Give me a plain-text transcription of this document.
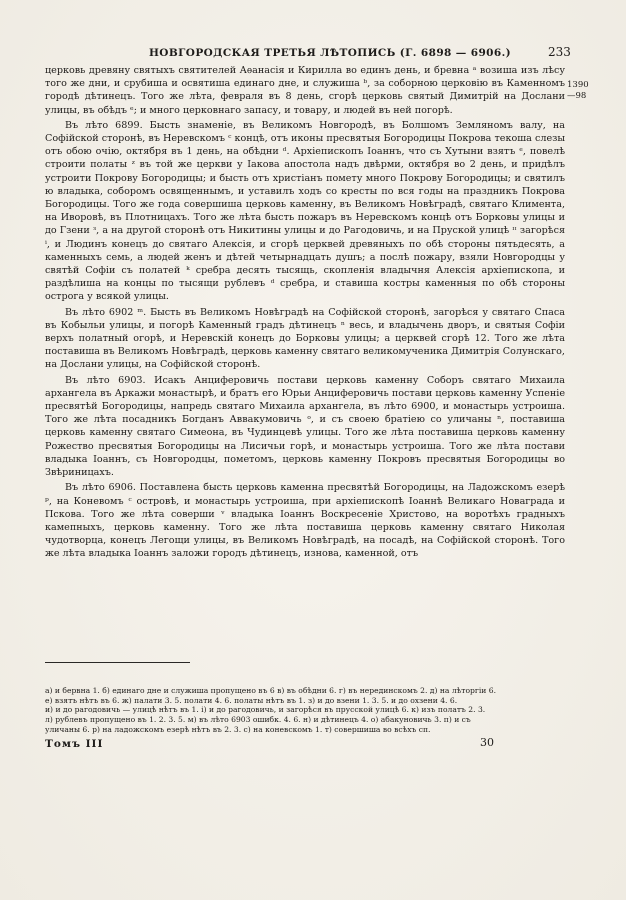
НОВГОРОДСКАЯ ТРЕТЬЯ ЛѢТОПИСЬ (Г. 6898 — 6906.)	233
1390
—98

церковь древяну святыхъ святителей Аѳанасія и Кирилла во единъ день, и бревна ᵃ возиша изъ лѣсу того же дни, и срубиша и освятиша единаго дне, и служиша ᵇ, за соборною церковію въ Каменномъ городѣ дѣтинецъ. Того же лѣта, февраля въ 8 день, сгорѣ церковь святый Димитрій на Дослани улицы, въ обѣдъ ᵉ; и многo церковнаго запасу, и товару, и людей въ ней погорѣ.

Въ лѣто 6899. Бысть знаменіе, въ Великомъ Новгородѣ, въ Болшомъ Земляномъ валу, на Софійской сторонѣ, въ Неревскомъ ᶜ концѣ, отъ иконы пресвятыя Богородицы Покрова текоша слезы отъ обою очію, октября въ 1 день, на обѣдни ᵈ. Архіепископъ Іоаннъ, что съ Хутыни взятъ ᵉ, повелѣ строити полаты ᶻ въ той же церкви у Іакова апостола надъ двѣрми, октября во 2 день, и придѣлъ устроити Покрову Богородицы; и бысть отъ христіанъ помету много Покрову Богородицы; и святилъ ю владыка, соборомъ освященнымъ, и уставилъ ходъ со кресты по вся годы на праздникъ Покрова Богородицы. Того же года совершиша церковь каменну, въ Великомъ Новѣградѣ, святаго Климента, на Иворовѣ, въ Плотницахъ. Того же лѣта бысть пожаръ въ Неревскомъ концѣ отъ Борковы улицы и до Гзени ᶟ, а на другой сторонѣ отъ Никитины улицы и до Рагодовичь, и на Пруской улицѣ ᶦᶦ загорѣся ⁱ, и Людинъ конецъ до святаго Алексія, и сгорѣ церквей древяныхъ по обѣ стороны пятьдесять, а каменныхъ семь, а людей женъ и дѣтей четырнадцать душъ; а послѣ пожару, взяли Новгородцы у святѣй Софіи съ полатей ᵏ сребра десять тысящь, скопленія владычня Алексія архіепископа, и раздѣлиша на концы по тысящи рублевъ ᵈ сребра, и ставиша костры каменныя по обѣ стороны острога у всякой улицы.

Въ лѣто 6902 ᵐ. Бысть въ Великомъ Новѣградѣ на Софійской сторонѣ, загорѣся у святаго Спаса въ Кобыльи улицы, и погорѣ Каменный градъ дѣтинецъ ⁿ весь, и владычень дворъ, и святыя Софіи верхъ полатный огорѣ, и Неревскій конецъ до Борковы улицы; а церквей сгорѣ 12. Того же лѣта поставиша въ Великомъ Новѣградѣ, церковь каменну святаго великомученика Димитрія Солунскаго, на Дослани улицы, на Софійской сторонѣ.

Въ лѣто 6903. Исакъ Анциферовичь постави церковь каменну Соборъ святаго Михаила архангела въ Аркажи монастырѣ, и братъ его Юрьи Анциферовичь постави церковь каменну Успеніе пресвятѣй Богородицы, напредь святаго Михаила архангела, въ лѣто 6900, и монастырь устроиша. Того же лѣта посадникъ Богданъ Аввакумовичь ᵒ, и съ своею братіею со уличаны ⁿ, поставиша церковь каменну святаго Симеона, въ Чудинцевѣ улицы. Того же лѣта поставиша церковь каменну Рожество пресвятыя Богородицы на Лисичьи горѣ, и монастырь устроиша. Того же лѣта постави владыка Іоаннъ, съ Новгородцы, пометомъ, церковь каменну Покровъ пресвятыя Богородицы во Звѣриницахъ.

Въ лѣто 6906. Поставлена бысть церковь каменна пресвятѣй Богородицы, на Ладожскомъ езерѣ ᵖ, на Коневомъ ᶜ островѣ, и монастырь устроиша, при архіепископѣ Іоаннѣ Великаго Новаграда и Пскова. Того же лѣта соверши ᵛ владыка Іоаннъ Воскресеніе Христово, на воротѣхъ градныхъ камепныхъ, церковь каменну. Того же лѣта поставиша церковь каменну святаго Николая чудотворца, конецъ Легощи улицы, въ Великомъ Новѣградѣ, на посадѣ, на Софійской сторонѣ. Того же лѣта владыка Іоаннъ заложи городъ дѣтинецъ, изнова, каменной, отъ

а) и бервна 1. б) единаго дне и служиша пропущено въ 6 в) въ обѣдни 6. г) въ нерединскомъ 2. д) на лѣторгіи 6.
е) взятъ нѣтъ въ 6. ж) палати 3. 5. полати 4. 6. полаты нѣтъ въ 1. з) и до взени 1. 3. 5. и до охзени 4. 6.
и) и до рагодовичь — улицѣ нѣтъ въ 1. i) и до рагодовичь, и загорѣся въ прусской улицѣ 6. к) изъ полатъ 2. 3.
л) рублевъ пропущено въ 1. 2. 3. 5. м) въ лѣто 6903 ошибк. 4. 6. н) и дѣтинецъ 4. о) абакуновичь 3. п) и съ
уличаны 6. р) на ладожскомъ езерѣ нѣтъ въ 2. 3. с) на коневскомъ 1. т) совершиша во всѣхъ сп.
Томъ III	30
